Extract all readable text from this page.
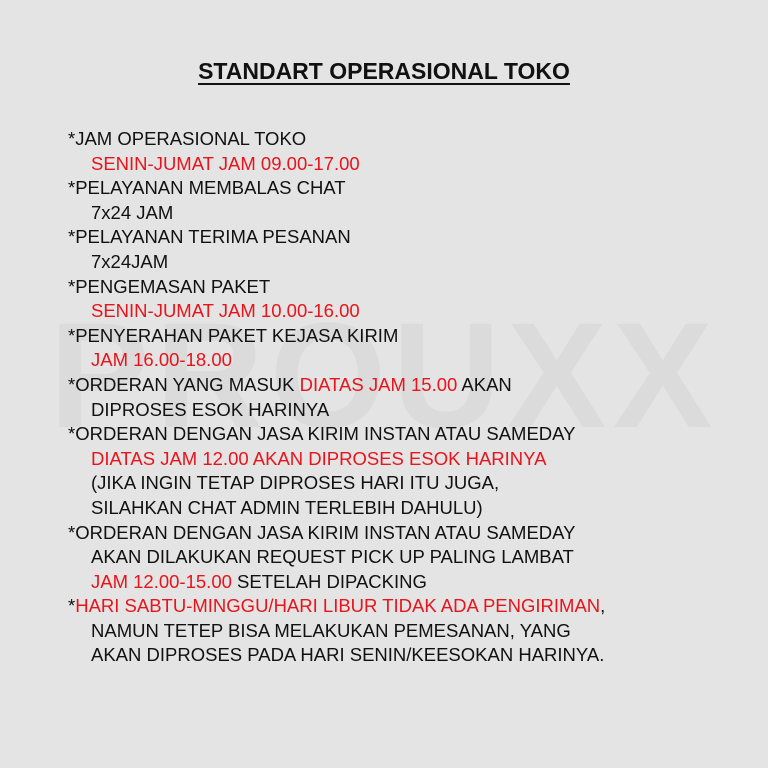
STANDART OPERASIONAL TOKO
*JAM OPERASIONAL TOKO
SENIN-JUMAT JAM 09.00-17.00
*PELAYANAN MEMBALAS CHAT
7x24 JAM
*PELAYANAN TERIMA PESANAN
7x24JAM
*PENGEMASAN PAKET
SENIN-JUMAT JAM 10.00-16.00
*PENYERAHAN PAKET KEJASA KIRIM
JAM 16.00-18.00
*ORDERAN YANG MASUK DIATAS JAM 15.00 AKAN
DIPROSES ESOK HARINYA
*ORDERAN DENGAN JASA KIRIM INSTAN ATAU SAMEDAY
DIATAS JAM 12.00 AKAN DIPROSES ESOK HARINYA
(JIKA INGIN TETAP DIPROSES HARI ITU JUGA,
SILAHKAN CHAT ADMIN TERLEBIH DAHULU)
*ORDERAN DENGAN JASA KIRIM INSTAN ATAU SAMEDAY
AKAN DILAKUKAN REQUEST PICK UP PALING LAMBAT
JAM 12.00-15.00 SETELAH DIPACKING
*HARI SABTU-MINGGU/HARI LIBUR TIDAK ADA PENGIRIMAN,
NAMUN TETEP BISA MELAKUKAN PEMESANAN, YANG
AKAN DIPROSES PADA HARI SENIN/KEESOKAN HARINYA.
